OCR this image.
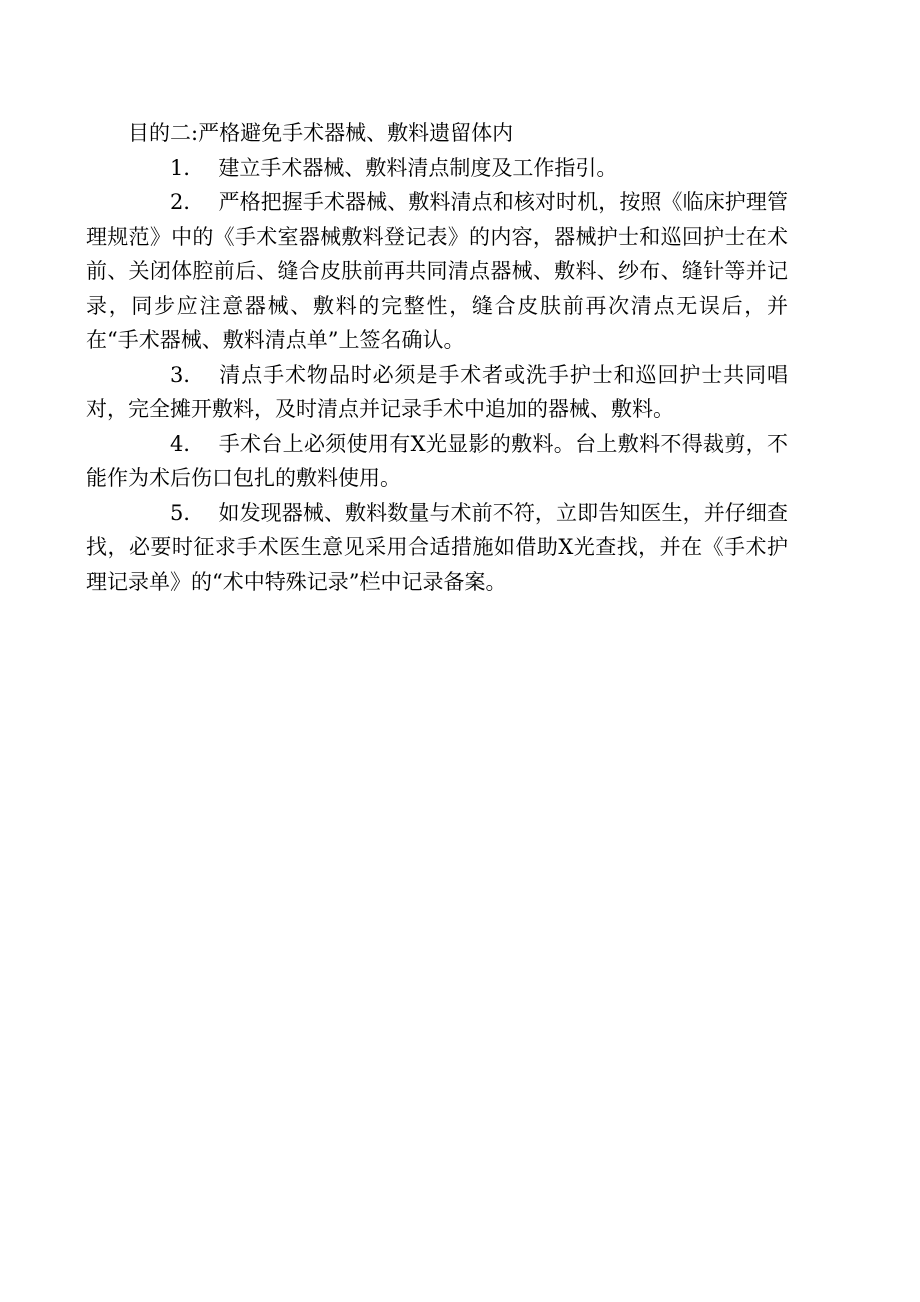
目的二:严格避免手术器械、敷料遗留体内

1． 建立手术器械、敷料清点制度及工作指引。

2． 严格把握手术器械、敷料清点和核对时机，按照《临床护理管理规范》中的《手术室器械敷料登记表》的内容，器械护士和巡回护士在术前、关闭体腔前后、缝合皮肤前再共同清点器械、敷料、纱布、缝针等并记录，同步应注意器械、敷料的完整性，缝合皮肤前再次清点无误后，并在“手术器械、敷料清点单”上签名确认。

3． 清点手术物品时必须是手术者或洗手护士和巡回护士共同唱对，完全摊开敷料，及时清点并记录手术中追加的器械、敷料。

4． 手术台上必须使用有X光显影的敷料。台上敷料不得裁剪，不能作为术后伤口包扎的敷料使用。

5． 如发现器械、敷料数量与术前不符，立即告知医生，并仔细查找，必要时征求手术医生意见采用合适措施如借助X光查找，并在《手术护理记录单》的“术中特殊记录”栏中记录备案。
